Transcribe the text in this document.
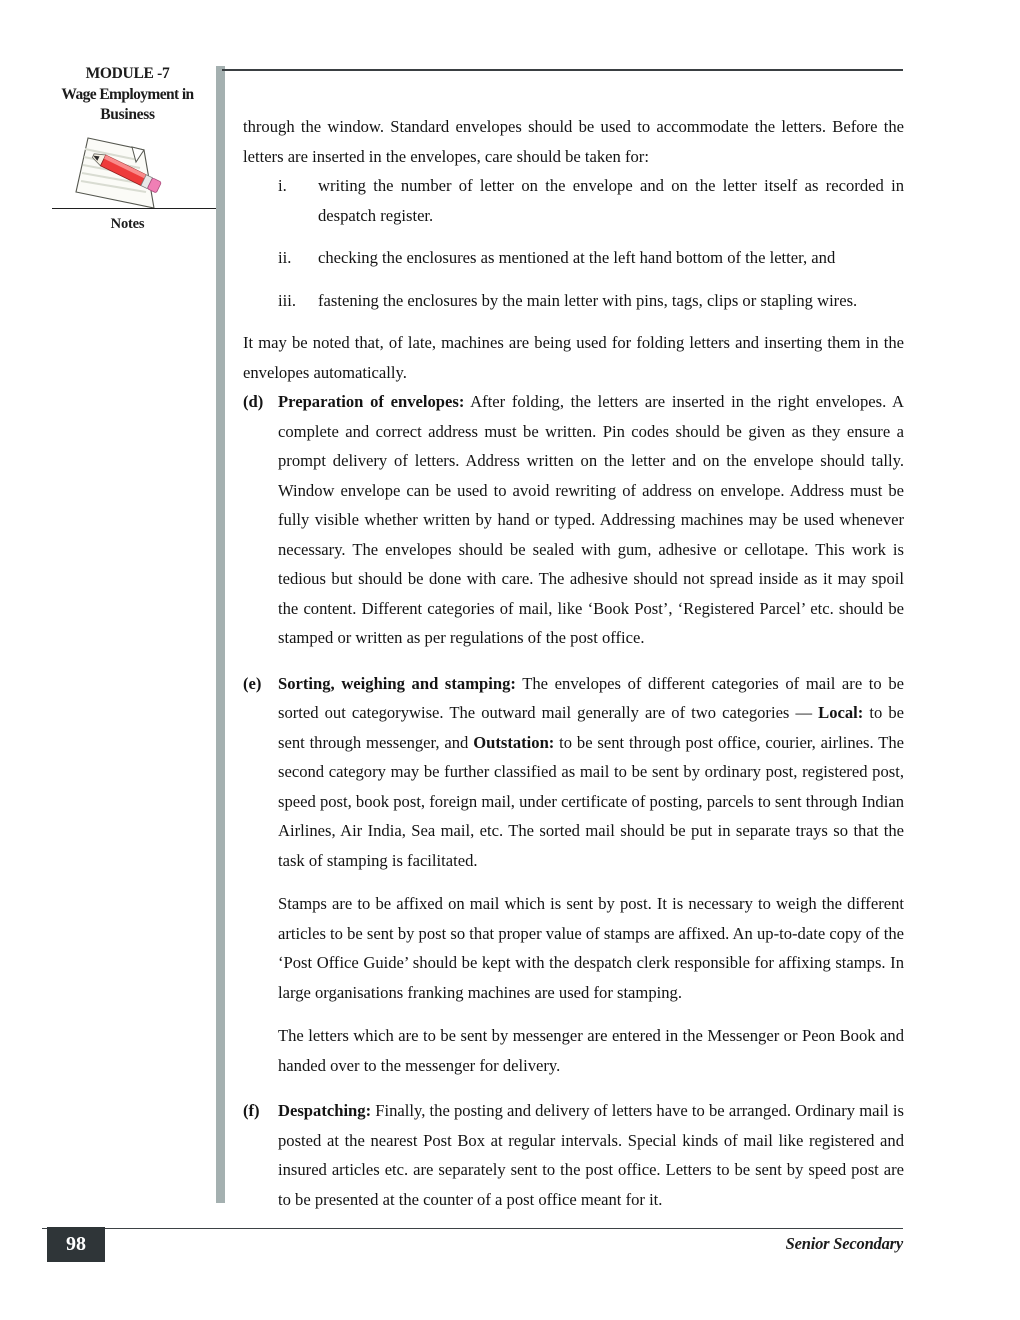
MODULE -7
Wage Employment in
Business
Notes

through the window. Standard envelopes should be used to accommodate the letters. Before the letters are inserted in the envelopes, care should be taken for:

i.	writing the number of letter on the envelope and on the letter itself as recorded in despatch register.
ii.	checking the enclosures as mentioned at the left hand bottom of the letter, and
iii.	fastening the enclosures by the main letter with pins, tags, clips or stapling wires.

It may be noted that, of late, machines are being used for folding letters and inserting them in the envelopes automatically.

(d) Preparation of envelopes: After folding, the letters are inserted in the right envelopes. A complete and correct address must be written. Pin codes should be given as they ensure a prompt delivery of letters. Address written on the letter and on the envelope should tally. Window envelope can be used to avoid rewriting of address on envelope. Address must be fully visible whether written by hand or typed. Addressing machines may be used whenever necessary. The envelopes should be sealed with gum, adhesive or cellotape. This work is tedious but should be done with care. The adhesive should not spread inside as it may spoil the content. Different categories of mail, like ‘Book Post’, ‘Registered Parcel’ etc. should be stamped or written as per regulations of the post office.
(e) Sorting, weighing and stamping: The envelopes of different categories of mail are to be sorted out categorywise. The outward mail generally are of two categories — Local: to be sent through messenger, and Outstation: to be sent through post office, courier, airlines. The second category may be further classified as mail to be sent by ordinary post, registered post, speed post, book post, foreign mail, under certificate of posting, parcels to sent through Indian Airlines, Air India, Sea mail, etc. The sorted mail should be put in separate trays so that the task of stamping is facilitated.

Stamps are to be affixed on mail which is sent by post. It is necessary to weigh the different articles to be sent by post so that proper value of stamps are affixed. An up-to-date copy of the ‘Post Office Guide’ should be kept with the despatch clerk responsible for affixing stamps. In large organisations franking machines are used for stamping.

The letters which are to be sent by messenger are entered in the Messenger or Peon Book and handed over to the messenger for delivery.

(f)	Despatching: Finally, the posting and delivery of letters have to be arranged. Ordinary mail is posted at the nearest Post Box at regular intervals. Special kinds of mail like registered and insured articles etc. are separately sent to the post office. Letters to be sent by speed post are to be presented at the counter of a post office meant for it.
98	Senior Secondary
